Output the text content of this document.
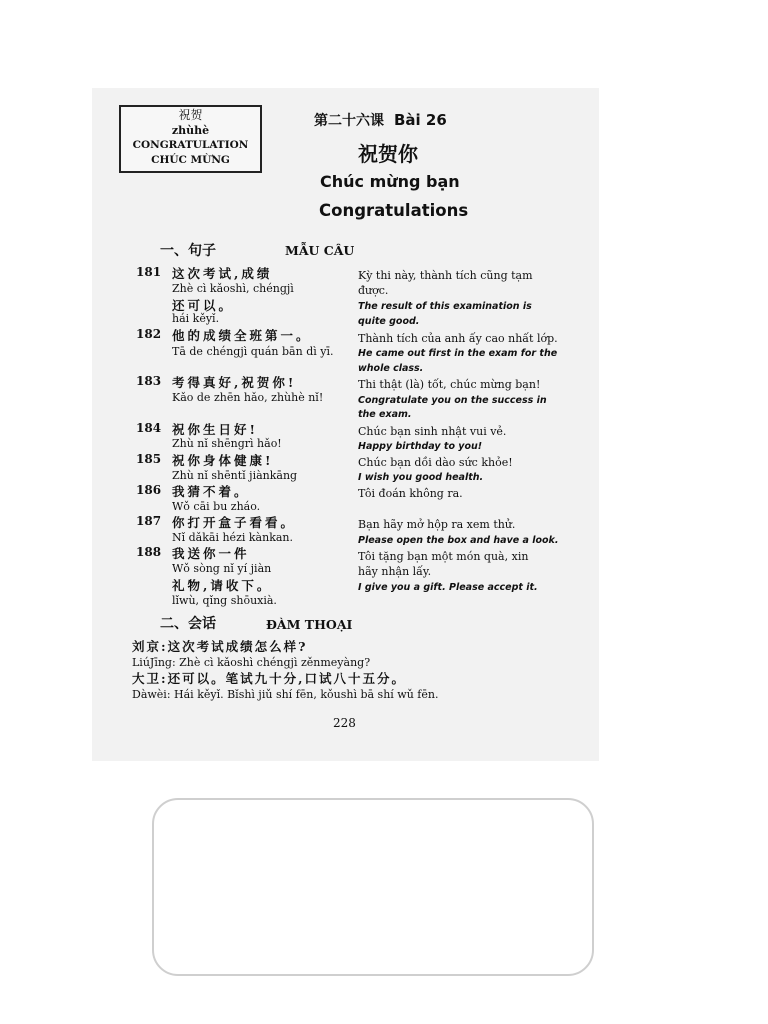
祝贺
zhùhè
CONGRATULATION
CHÚC MỪNG
第二十六课 Bài 26
祝贺你
Chúc mừng bạn
Congratulations
一、句子	MẪU CÂU
181 这次考试,成绩
Zhè cì kǎoshì, chéngjì
还可以。
hái kěyǐ.
Kỳ thi này, thành tích cũng tạm
được.
The result of this examination is
quite good.
182 他的成绩全班第一。
Tā de chéngjì quán bān dì yī.
Thành tích của anh ấy cao nhất lớp.
He came out first in the exam for the
whole class.
183 考得真好,祝贺你!
Kǎo de zhēn hǎo, zhùhè nǐ!
Thi thật (là) tốt, chúc mừng bạn!
Congratulate you on the success in
the exam.
184 祝你生日好!
Zhù nǐ shēngrì hǎo!
Chúc bạn sinh nhật vui vẻ.
Happy birthday to you!
185 祝你身体健康!
Zhù nǐ shēntǐ jiànkāng
Chúc bạn dồi dào sức khỏe!
I wish you good health.
186 我猜不着。
Wǒ cāi bu zháo.
Tôi đoán không ra.
187 你打开盒子看看。
Nǐ dǎkāi hézi kànkan.
Bạn hãy mở hộp ra xem thử.
Please open the box and have a look.
188 我送你一件
Wǒ sòng nǐ yí jiàn
礼物,请收下。
lǐwù, qǐng shōuxià.
Tôi tặng bạn một món quà, xin
hãy nhận lấy.
I give you a gift. Please accept it.
二、会话	ĐÀM THOẠI
刘京:这次考试成绩怎么样?
LiúJīng: Zhè cì kǎoshì chéngjì zěnmeyàng?
大卫:还可以。笔试九十分,口试八十五分。
Dàwèi: Hái kěyǐ. Bǐshì jiǔ shí fēn, kǒushì bā shí wǔ fēn.
228
